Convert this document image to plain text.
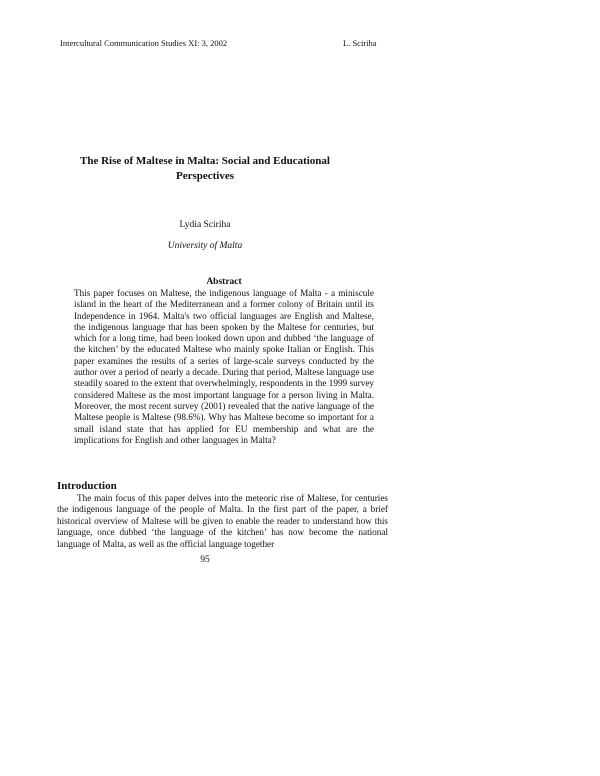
Intercultural Communication Studies XI: 3, 2002	L. Sciriha
The Rise of Maltese in Malta: Social and Educational Perspectives
Lydia Sciriha
University of Malta
Abstract
This paper focuses on Maltese, the indigenous language of Malta - a miniscule island in the heart of the Mediterranean and a former colony of Britain until its Independence in 1964. Malta's two official languages are English and Maltese, the indigenous language that has been spoken by the Maltese for centuries, but which for a long time, had been looked down upon and dubbed ‘the language of the kitchen’ by the educated Maltese who mainly spoke Italian or English. This paper examines the results of a series of large-scale surveys conducted by the author over a period of nearly a decade. During that period, Maltese language use steadily soared to the extent that overwhelmingly, respondents in the 1999 survey considered Maltese as the most important language for a person living in Malta. Moreover, the most recent survey (2001) revealed that the native language of the Maltese people is Maltese (98.6%). Why has Maltese become so important for a small island state that has applied for EU membership and what are the implications for English and other languages in Malta?
Introduction
The main focus of this paper delves into the meteoric rise of Maltese, for centuries the indigenous language of the people of Malta. In the first part of the paper, a brief historical overview of Maltese will be given to enable the reader to understand how this language, once dubbed ‘the language of the kitchen’ has now become the national language of Malta, as well as the official language together
95
